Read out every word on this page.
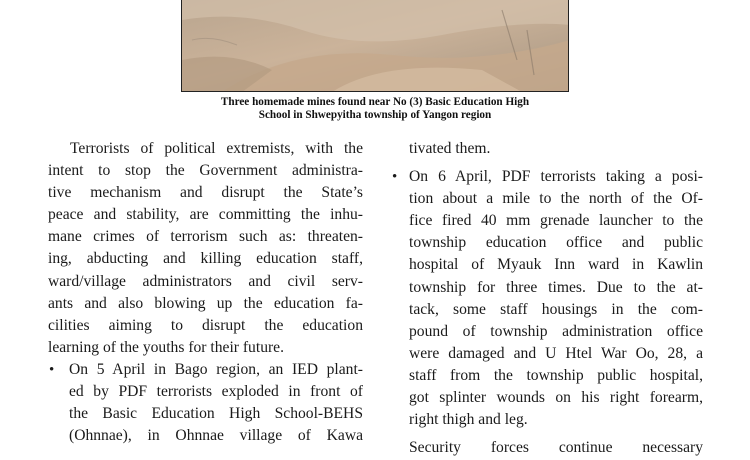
Three homemade mines found near No (3) Basic Education High
School in Shwepyitha township of Yangon region
Terrorists of political extremists, with the
intent to stop the Government administra-
tive mechanism and disrupt the State’s
peace and stability, are committing the inhu-
mane crimes of terrorism such as: threaten-
ing, abducting and killing education staff,
ward/village administrators and civil serv-
ants and also blowing up the education fa-
cilities aiming to disrupt the education
learning of the youths for their future.
• On 5 April in Bago region, an IED plant-
ed by PDF terrorists exploded in front of
the Basic Education High School-BEHS
(Ohnnae), in Ohnnae village of Kawa
tivated them.
• On 6 April, PDF terrorists taking a posi-
tion about a mile to the north of the Of-
fice fired 40 mm grenade launcher to the
township education office and public
hospital of Myauk Inn ward in Kawlin
township for three times. Due to the at-
tack, some staff housings in the com-
pound of township administration office
were damaged and U Htel War Oo, 28, a
staff from the township public hospital,
got splinter wounds on his right forearm,
right thigh and leg.
Security forces continue necessary
